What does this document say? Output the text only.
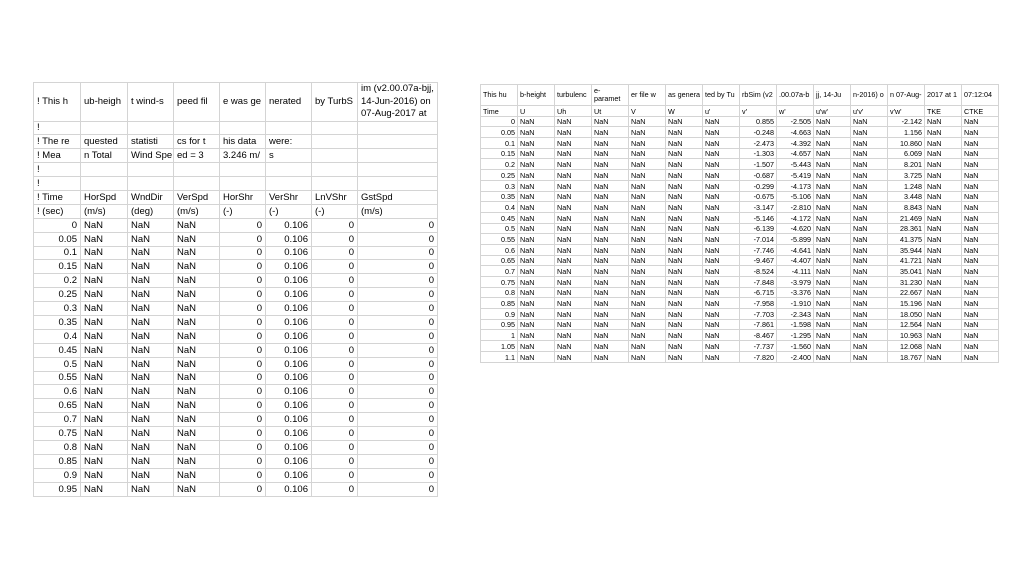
! This h	ub-heigh	t wind-s	peed fil	e was ge	nerated	by TurbS	im (v2.00.07a-bjj, 14-Jun-2016) on 07-Aug-2017 at
!							
! The re	quested	statisti	cs for t	his data	were:		
! Mea	n Total	Wind Spe	ed = 3	3.246 m/	s		
!							
!							
! Time	HorSpd	WndDir	VerSpd	HorShr	VerShr	LnVShr	GstSpd
! (sec)	(m/s)	(deg)	(m/s)	(-)	(-)	(-)	(m/s)
0	NaN	NaN	NaN	0	0.106	0	0
0.05	NaN	NaN	NaN	0	0.106	0	0
0.1	NaN	NaN	NaN	0	0.106	0	0
0.15	NaN	NaN	NaN	0	0.106	0	0
0.2	NaN	NaN	NaN	0	0.106	0	0
0.25	NaN	NaN	NaN	0	0.106	0	0
0.3	NaN	NaN	NaN	0	0.106	0	0
0.35	NaN	NaN	NaN	0	0.106	0	0
0.4	NaN	NaN	NaN	0	0.106	0	0
0.45	NaN	NaN	NaN	0	0.106	0	0
0.5	NaN	NaN	NaN	0	0.106	0	0
0.55	NaN	NaN	NaN	0	0.106	0	0
0.6	NaN	NaN	NaN	0	0.106	0	0
0.65	NaN	NaN	NaN	0	0.106	0	0
0.7	NaN	NaN	NaN	0	0.106	0	0
0.75	NaN	NaN	NaN	0	0.106	0	0
0.8	NaN	NaN	NaN	0	0.106	0	0
0.85	NaN	NaN	NaN	0	0.106	0	0
0.9	NaN	NaN	NaN	0	0.106	0	0
0.95	NaN	NaN	NaN	0	0.106	0	0
This hu	b-height	turbulenc	e-paramet	er file w	as genera	ted by Tu	rbSim (v2	.00.07a-b	jj, 14-Ju	n-2016) o	n 07-Aug-	2017 at 1	07:12:04
Time	U	Uh	Ut	V	W	u'	v'	w'	u'w'	u'v'	v'w'	TKE	CTKE
0	NaN	NaN	NaN	NaN	NaN	NaN	0.855	-2.505	NaN	NaN	-2.142	NaN	NaN
0.05	NaN	NaN	NaN	NaN	NaN	NaN	-0.248	-4.663	NaN	NaN	1.156	NaN	NaN
0.1	NaN	NaN	NaN	NaN	NaN	NaN	-2.473	-4.392	NaN	NaN	10.860	NaN	NaN
0.15	NaN	NaN	NaN	NaN	NaN	NaN	-1.303	-4.657	NaN	NaN	6.069	NaN	NaN
0.2	NaN	NaN	NaN	NaN	NaN	NaN	-1.507	-5.443	NaN	NaN	8.201	NaN	NaN
0.25	NaN	NaN	NaN	NaN	NaN	NaN	-0.687	-5.419	NaN	NaN	3.725	NaN	NaN
0.3	NaN	NaN	NaN	NaN	NaN	NaN	-0.299	-4.173	NaN	NaN	1.248	NaN	NaN
0.35	NaN	NaN	NaN	NaN	NaN	NaN	-0.675	-5.106	NaN	NaN	3.448	NaN	NaN
0.4	NaN	NaN	NaN	NaN	NaN	NaN	-3.147	-2.810	NaN	NaN	8.843	NaN	NaN
0.45	NaN	NaN	NaN	NaN	NaN	NaN	-5.146	-4.172	NaN	NaN	21.469	NaN	NaN
0.5	NaN	NaN	NaN	NaN	NaN	NaN	-6.139	-4.620	NaN	NaN	28.361	NaN	NaN
0.55	NaN	NaN	NaN	NaN	NaN	NaN	-7.014	-5.899	NaN	NaN	41.375	NaN	NaN
0.6	NaN	NaN	NaN	NaN	NaN	NaN	-7.746	-4.641	NaN	NaN	35.944	NaN	NaN
0.65	NaN	NaN	NaN	NaN	NaN	NaN	-9.467	-4.407	NaN	NaN	41.721	NaN	NaN
0.7	NaN	NaN	NaN	NaN	NaN	NaN	-8.524	-4.111	NaN	NaN	35.041	NaN	NaN
0.75	NaN	NaN	NaN	NaN	NaN	NaN	-7.848	-3.979	NaN	NaN	31.230	NaN	NaN
0.8	NaN	NaN	NaN	NaN	NaN	NaN	-6.715	-3.376	NaN	NaN	22.667	NaN	NaN
0.85	NaN	NaN	NaN	NaN	NaN	NaN	-7.958	-1.910	NaN	NaN	15.196	NaN	NaN
0.9	NaN	NaN	NaN	NaN	NaN	NaN	-7.703	-2.343	NaN	NaN	18.050	NaN	NaN
0.95	NaN	NaN	NaN	NaN	NaN	NaN	-7.861	-1.598	NaN	NaN	12.564	NaN	NaN
1	NaN	NaN	NaN	NaN	NaN	NaN	-8.467	-1.295	NaN	NaN	10.963	NaN	NaN
1.05	NaN	NaN	NaN	NaN	NaN	NaN	-7.737	-1.560	NaN	NaN	12.068	NaN	NaN
1.1	NaN	NaN	NaN	NaN	NaN	NaN	-7.820	-2.400	NaN	NaN	18.767	NaN	NaN
